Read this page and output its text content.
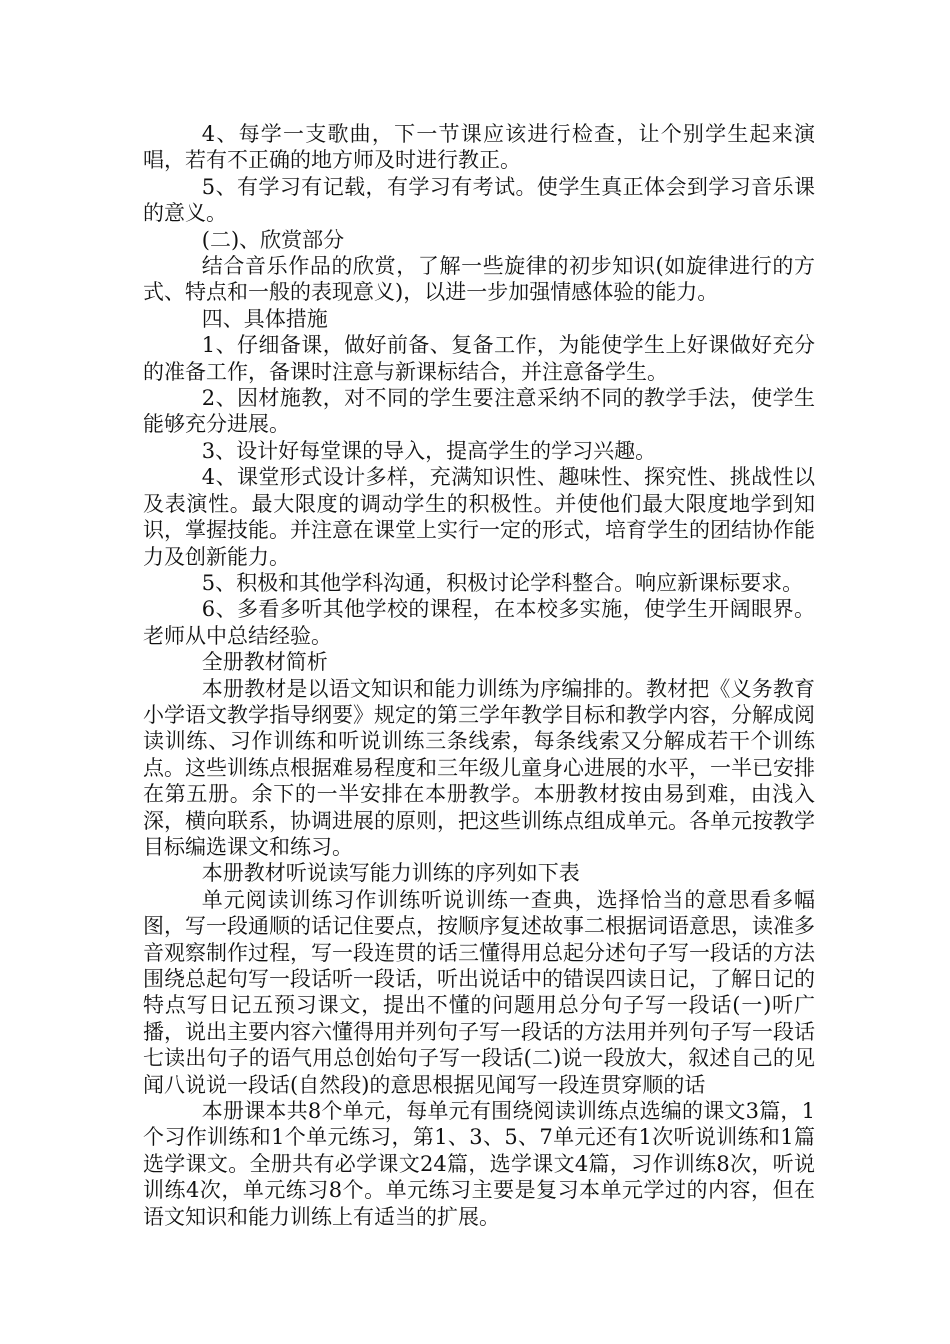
4、每学一支歌曲，下一节课应该进行检查，让个别学生起来演唱，若有不正确的地方师及时进行教正。

5、有学习有记载，有学习有考试。使学生真正体会到学习音乐课的意义。

(二)、欣赏部分

结合音乐作品的欣赏，了解一些旋律的初步知识(如旋律进行的方式、特点和一般的表现意义)，以进一步加强情感体验的能力。

四、具体措施

1、仔细备课，做好前备、复备工作，为能使学生上好课做好充分的准备工作，备课时注意与新课标结合，并注意备学生。

2、因材施教，对不同的学生要注意采纳不同的教学手法，使学生能够充分进展。

3、设计好每堂课的导入，提高学生的学习兴趣。

4、课堂形式设计多样，充满知识性、趣味性、探究性、挑战性以及表演性。最大限度的调动学生的积极性。并使他们最大限度地学到知识，掌握技能。并注意在课堂上实行一定的形式，培育学生的团结协作能力及创新能力。

5、积极和其他学科沟通，积极讨论学科整合。响应新课标要求。

6、多看多听其他学校的课程，在本校多实施，使学生开阔眼界。老师从中总结经验。

全册教材简析

本册教材是以语文知识和能力训练为序编排的。教材把《义务教育小学语文教学指导纲要》规定的第三学年教学目标和教学内容，分解成阅读训练、习作训练和听说训练三条线索，每条线索又分解成若干个训练点。这些训练点根据难易程度和三年级儿童身心进展的水平，一半已安排在第五册。余下的一半安排在本册教学。本册教材按由易到难，由浅入深，横向联系，协调进展的原则，把这些训练点组成单元。各单元按教学目标编选课文和练习。

本册教材听说读写能力训练的序列如下表

单元阅读训练习作训练听说训练一查典，选择恰当的意思看多幅图，写一段通顺的话记住要点，按顺序复述故事二根据词语意思，读准多音观察制作过程，写一段连贯的话三懂得用总起分述句子写一段话的方法围绕总起句写一段话听一段话，听出说话中的错误四读日记，了解日记的特点写日记五预习课文，提出不懂的问题用总分句子写一段话(一)听广播，说出主要内容六懂得用并列句子写一段话的方法用并列句子写一段话七读出句子的语气用总创始句子写一段话(二)说一段放大，叙述自己的见闻八说说一段话(自然段)的意思根据见闻写一段连贯穿顺的话

本册课本共8个单元，每单元有围绕阅读训练点选编的课文3篇，1个习作训练和1个单元练习，第1、3、5、7单元还有1次听说训练和1篇选学课文。全册共有必学课文24篇，选学课文4篇，习作训练8次，听说训练4次，单元练习8个。单元练习主要是复习本单元学过的内容，但在语文知识和能力训练上有适当的扩展。
